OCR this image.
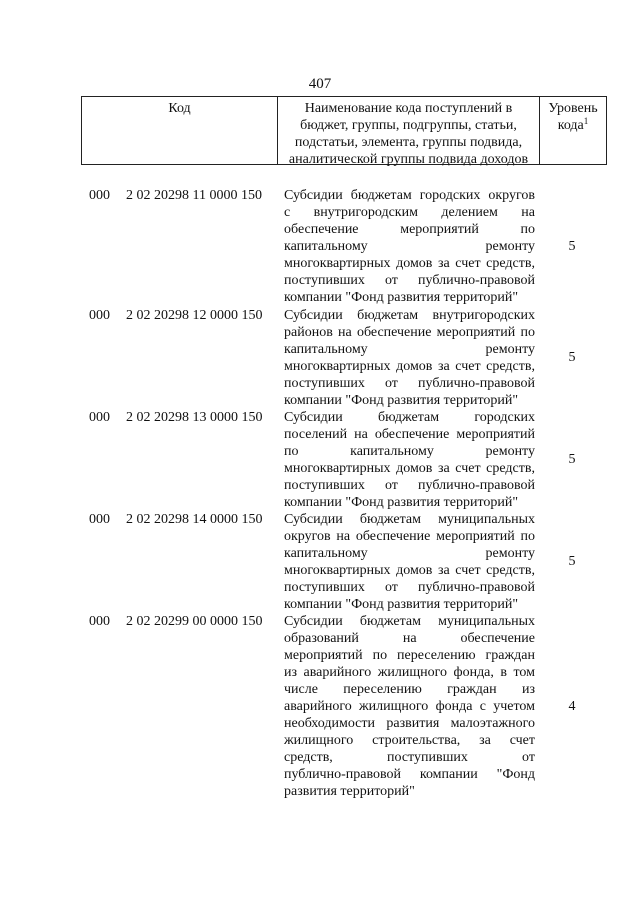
407
Код	Наименование кода поступлений в
бюджет, группы, подгруппы, статьи,
подстатьи, элемента, группы подвида,
аналитической группы подвида доходов
Уровень
кода$^1$
000 2 02 20298 11 0000 150 Субсидии бюджетам городских округов
с внутригородским делением на
обеспечение мероприятий по
капитальному ремонту
многоквартирных домов за счет средств,
поступивших от публично-правовой
компании "Фонд развития территорий"
5
000 2 02 20298 12 0000 150 Субсидии бюджетам внутригородских
районов на обеспечение мероприятий по
капитальному ремонту
многоквартирных домов за счет средств,
поступивших от публично-правовой
компании "Фонд развития территорий"
5
000 2 02 20298 13 0000 150 Субсидии бюджетам городских
поселений на обеспечение мероприятий
по капитальному ремонту
многоквартирных домов за счет средств,
поступивших от публично-правовой
компании "Фонд развития территорий"
5
000 2 02 20298 14 0000 150 Субсидии бюджетам муниципальных
округов на обеспечение мероприятий по
капитальному ремонту
многоквартирных домов за счет средств,
поступивших от публично-правовой
компании "Фонд развития территорий"
5
000 2 02 20299 00 0000 150 Субсидии бюджетам муниципальных
образований на обеспечение
мероприятий по переселению граждан
из аварийного жилищного фонда, в том
числе переселению граждан из
аварийного жилищного фонда с учетом
необходимости развития малоэтажного
жилищного строительства, за счет
средств, поступивших от
публично-правовой компании "Фонд
развития территорий"
4
